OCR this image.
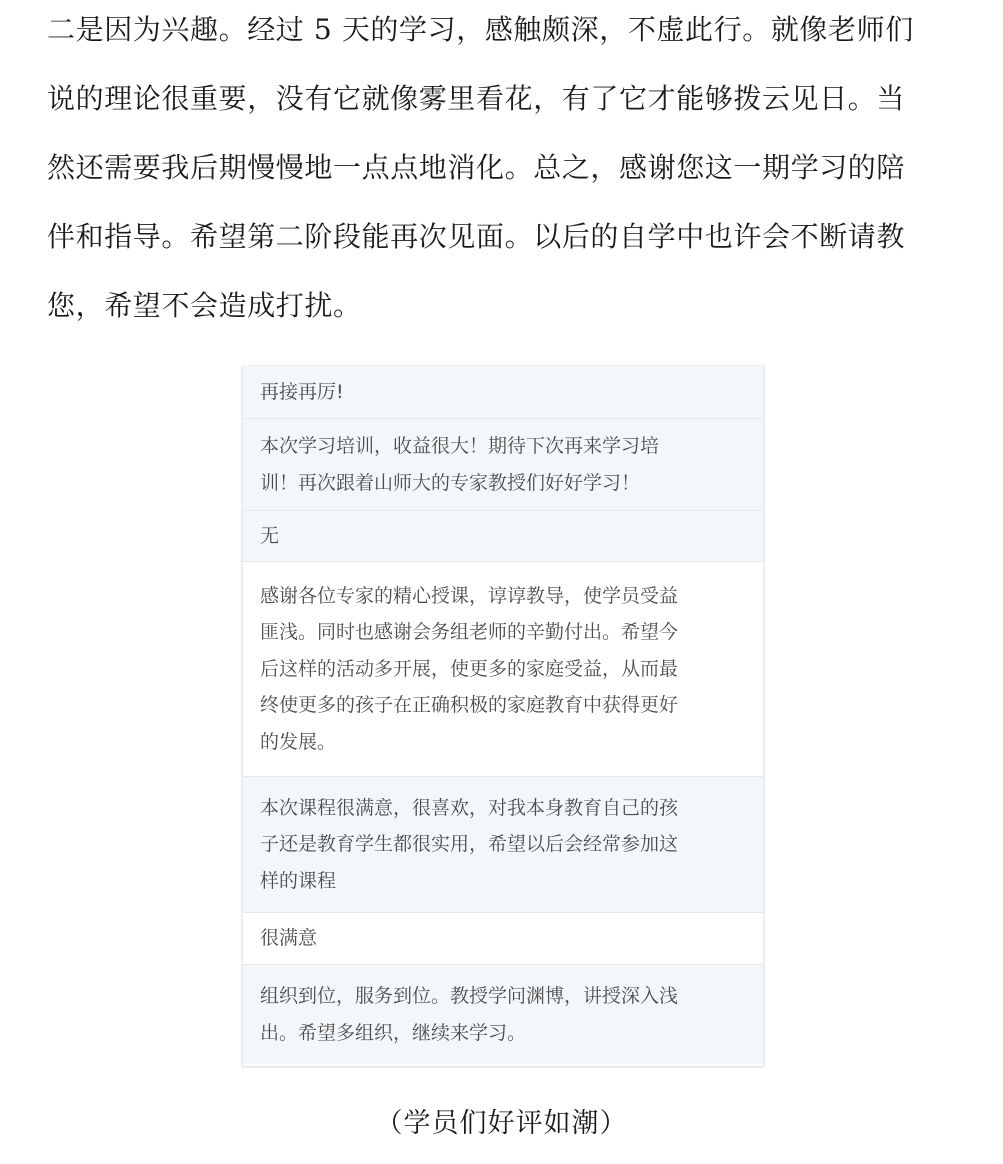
二是因为兴趣。经过 5 天的学习，感触颇深，不虚此行。就像老师们
说的理论很重要，没有它就像雾里看花，有了它才能够拨云见日。当
然还需要我后期慢慢地一点点地消化。总之，感谢您这一期学习的陪
伴和指导。希望第二阶段能再次见面。以后的自学中也许会不断请教
您，希望不会造成打扰。
再接再厉!
本次学习培训，收益很大！期待下次再来学习培
训！再次跟着山师大的专家教授们好好学习！
无
感谢各位专家的精心授课，谆谆教导，使学员受益
匪浅。同时也感谢会务组老师的辛勤付出。希望今
后这样的活动多开展，使更多的家庭受益，从而最
终使更多的孩子在正确积极的家庭教育中获得更好
的发展。
本次课程很满意，很喜欢，对我本身教育自己的孩
子还是教育学生都很实用，希望以后会经常参加这
样的课程
很满意
组织到位，服务到位。教授学问渊博，讲授深入浅
出。希望多组织，继续来学习。
（学员们好评如潮）
